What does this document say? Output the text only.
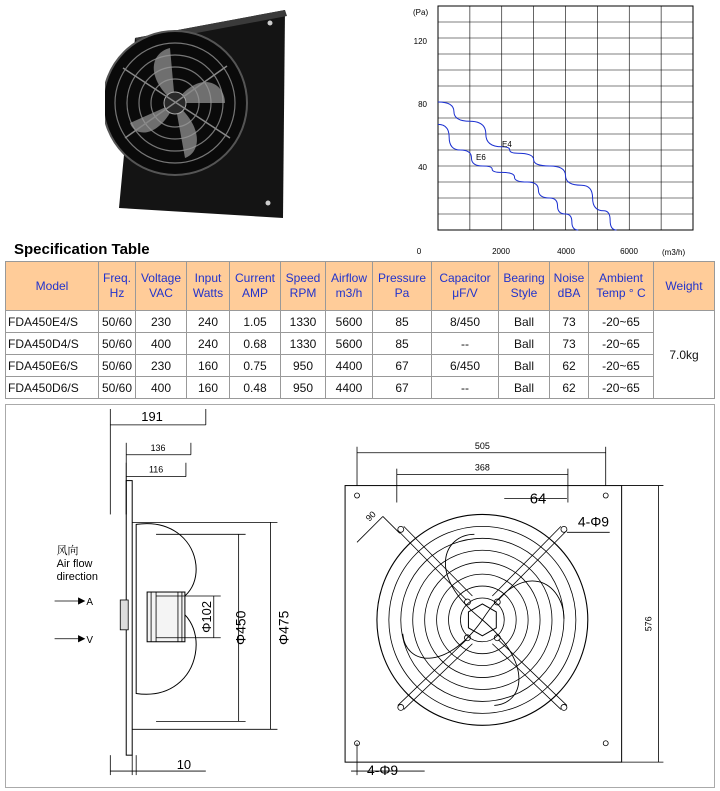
(Pa)
(m3/h)
120
80
40
0	2000	4000	6000
E4
E6
Specification Table
Model	Freq. Hz	Voltage VAC	Input Watts	Current AMP	Speed RPM	Airflow m3/h	Pressure Pa	Capacitor μF/V	Bearing Style	Noise dBA	Ambient Temp ° C	Weight
FDA450E4/S	50/60	230	240	1.05	1330	5600	85	8/450	Ball	73	-20~65	7.0kg
FDA450D4/S	50/60	400	240	0.68	1330	5600	85	--	Ball	73	-20~65	
FDA450E6/S	50/60	230	160	0.75	950	4400	67	6/450	Ball	62	-20~65	
FDA450D6/S	50/60	400	160	0.48	950	4400	67	--	Ball	62	-20~65	
191
136
116
Φ102 Φ450 Φ475
10
风向
Air flow
direction
A
V
505
368
64
90
576
4-Φ9
4-Φ9
